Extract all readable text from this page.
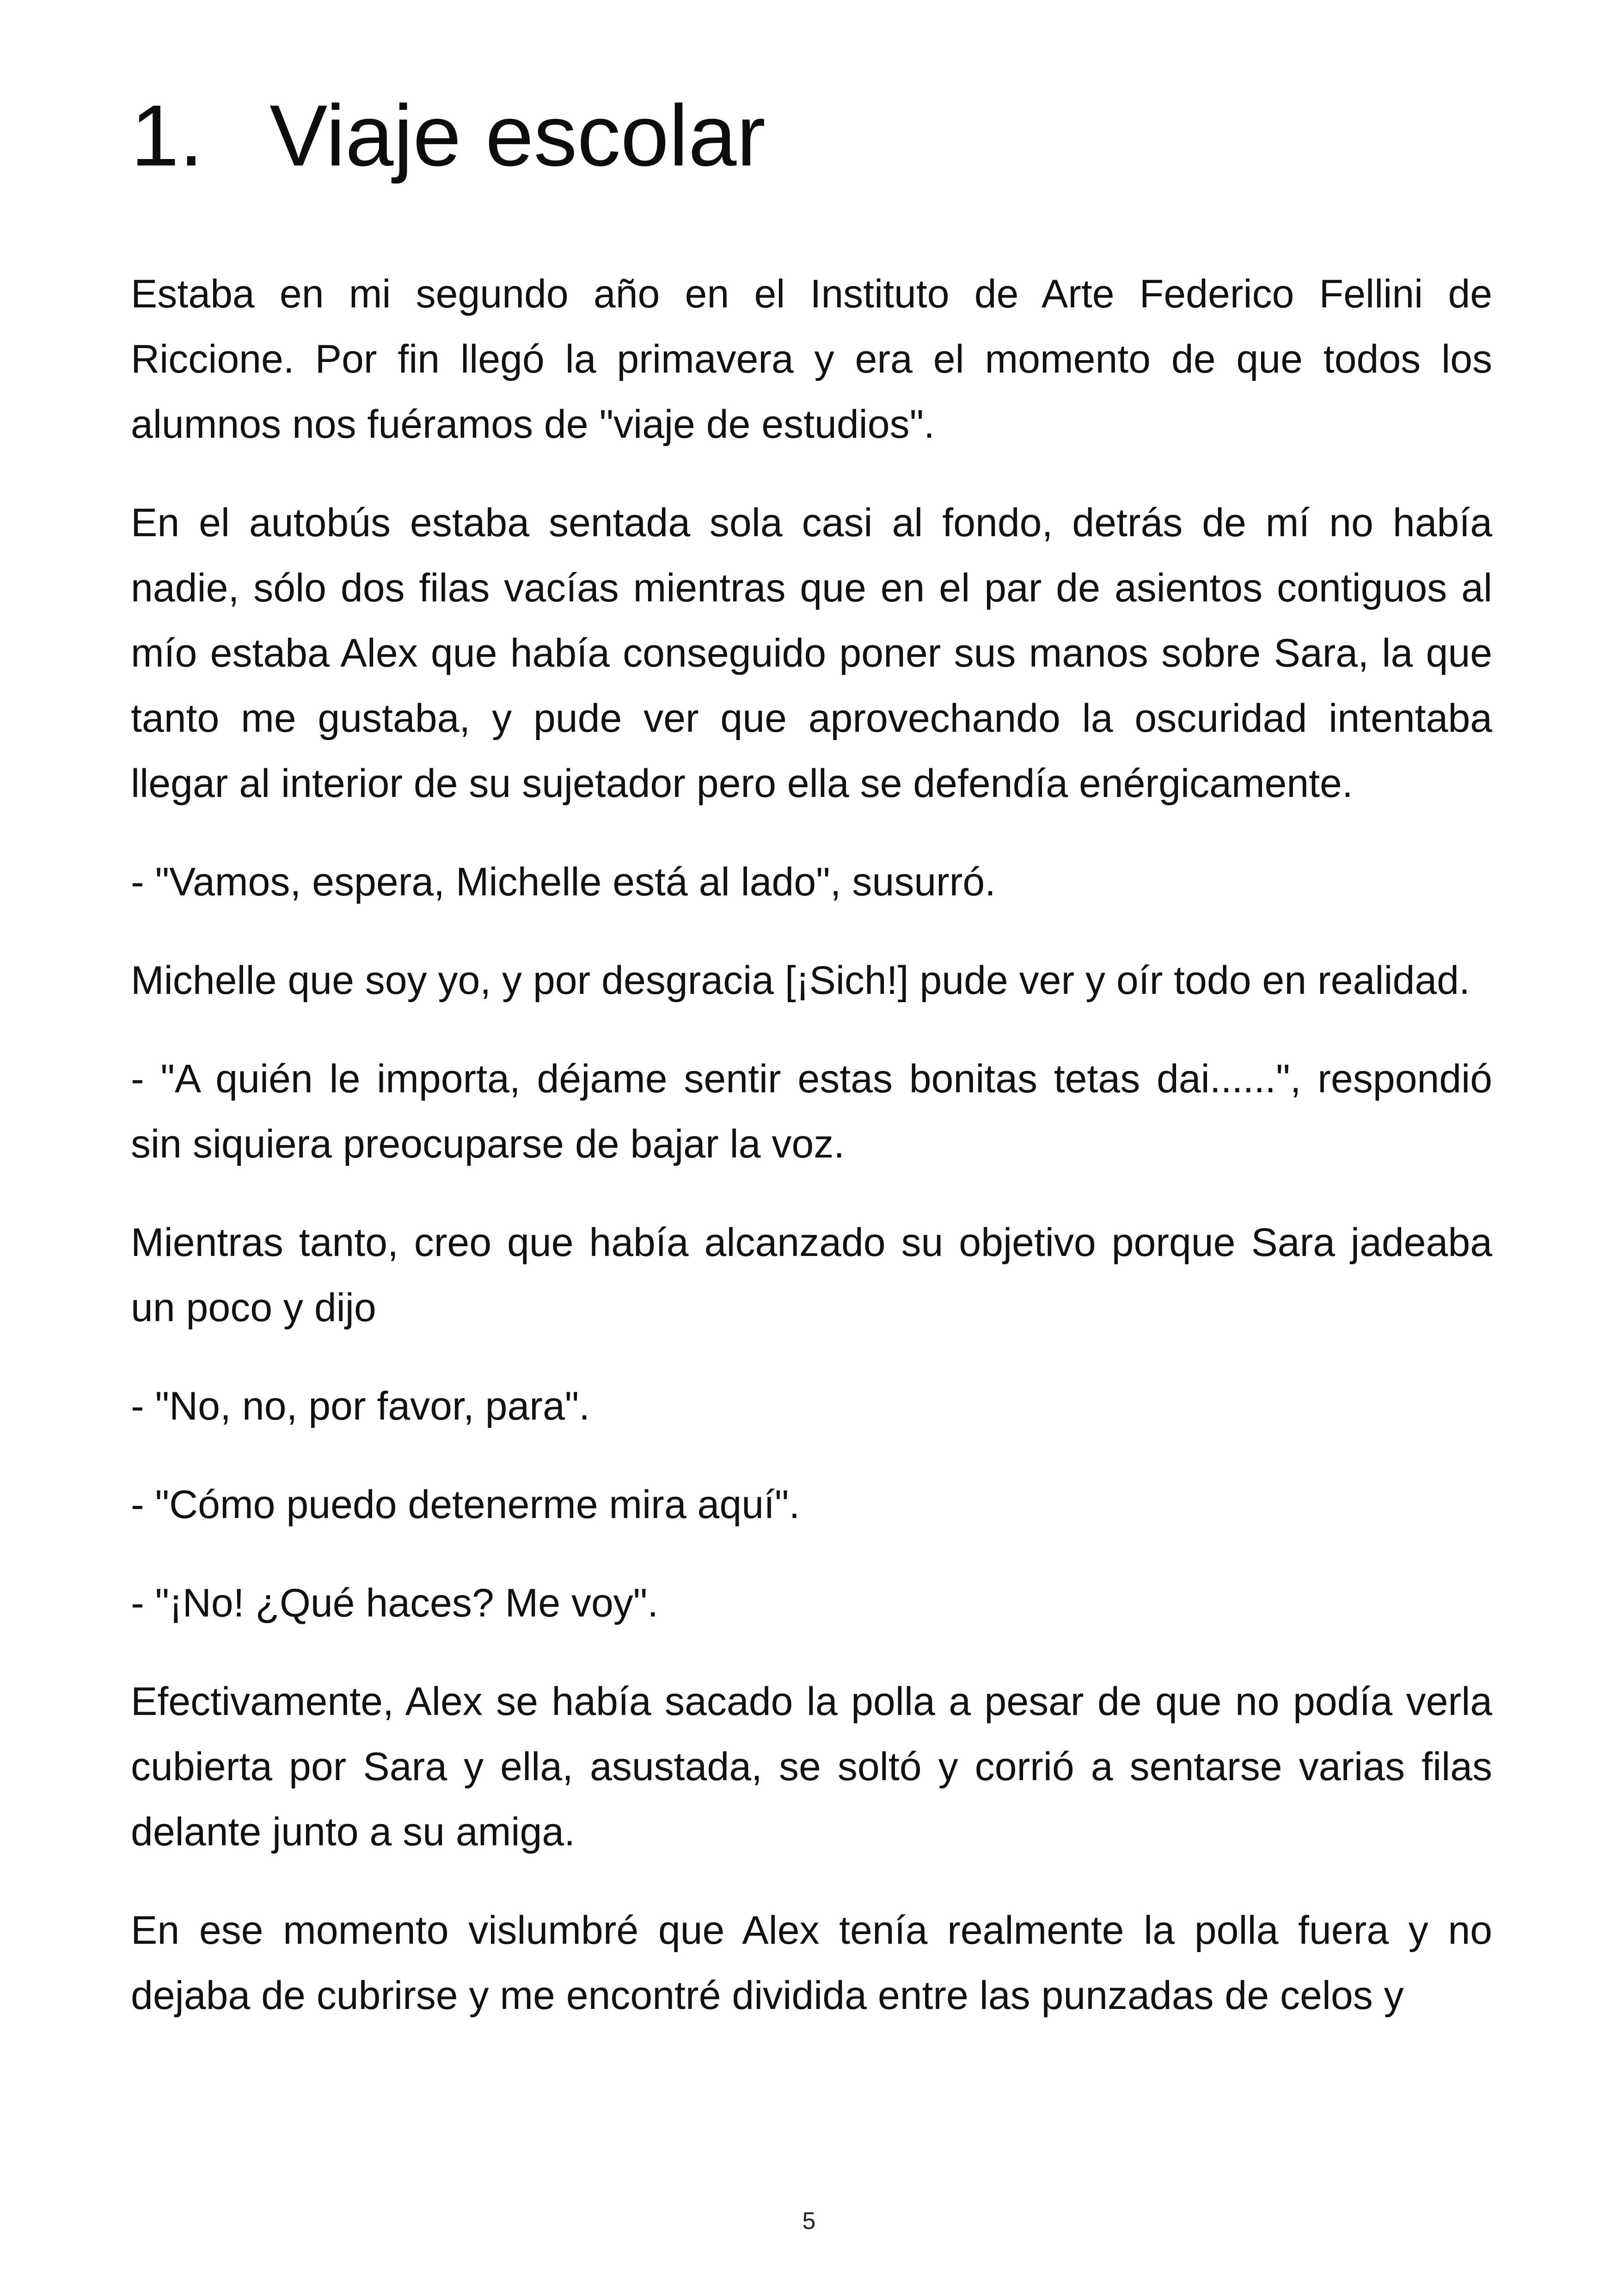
1. Viaje escolar

Estaba en mi segundo año en el Instituto de Arte Federico Fellini de Riccione. Por fin llegó la primavera y era el momento de que todos los alumnos nos fuéramos de "viaje de estudios".

En el autobús estaba sentada sola casi al fondo, detrás de mí no había nadie, sólo dos filas vacías mientras que en el par de asientos contiguos al mío estaba Alex que había conseguido poner sus manos sobre Sara, la que tanto me gustaba, y pude ver que aprovechando la oscuridad intentaba llegar al interior de su sujetador pero ella se defendía enérgicamente.

- "Vamos, espera, Michelle está al lado", susurró.

Michelle que soy yo, y por desgracia [¡Sich!] pude ver y oír todo en realidad.

- "A quién le importa, déjame sentir estas bonitas tetas dai......", respondió sin siquiera preocuparse de bajar la voz.

Mientras tanto, creo que había alcanzado su objetivo porque Sara jadeaba un poco y dijo

- "No, no, por favor, para".

- "Cómo puedo detenerme mira aquí".

- "¡No! ¿Qué haces? Me voy".

Efectivamente, Alex se había sacado la polla a pesar de que no podía verla cubierta por Sara y ella, asustada, se soltó y corrió a sentarse varias filas delante junto a su amiga.

En ese momento vislumbré que Alex tenía realmente la polla fuera y no dejaba de cubrirse y me encontré dividida entre las punzadas de celos y

5
